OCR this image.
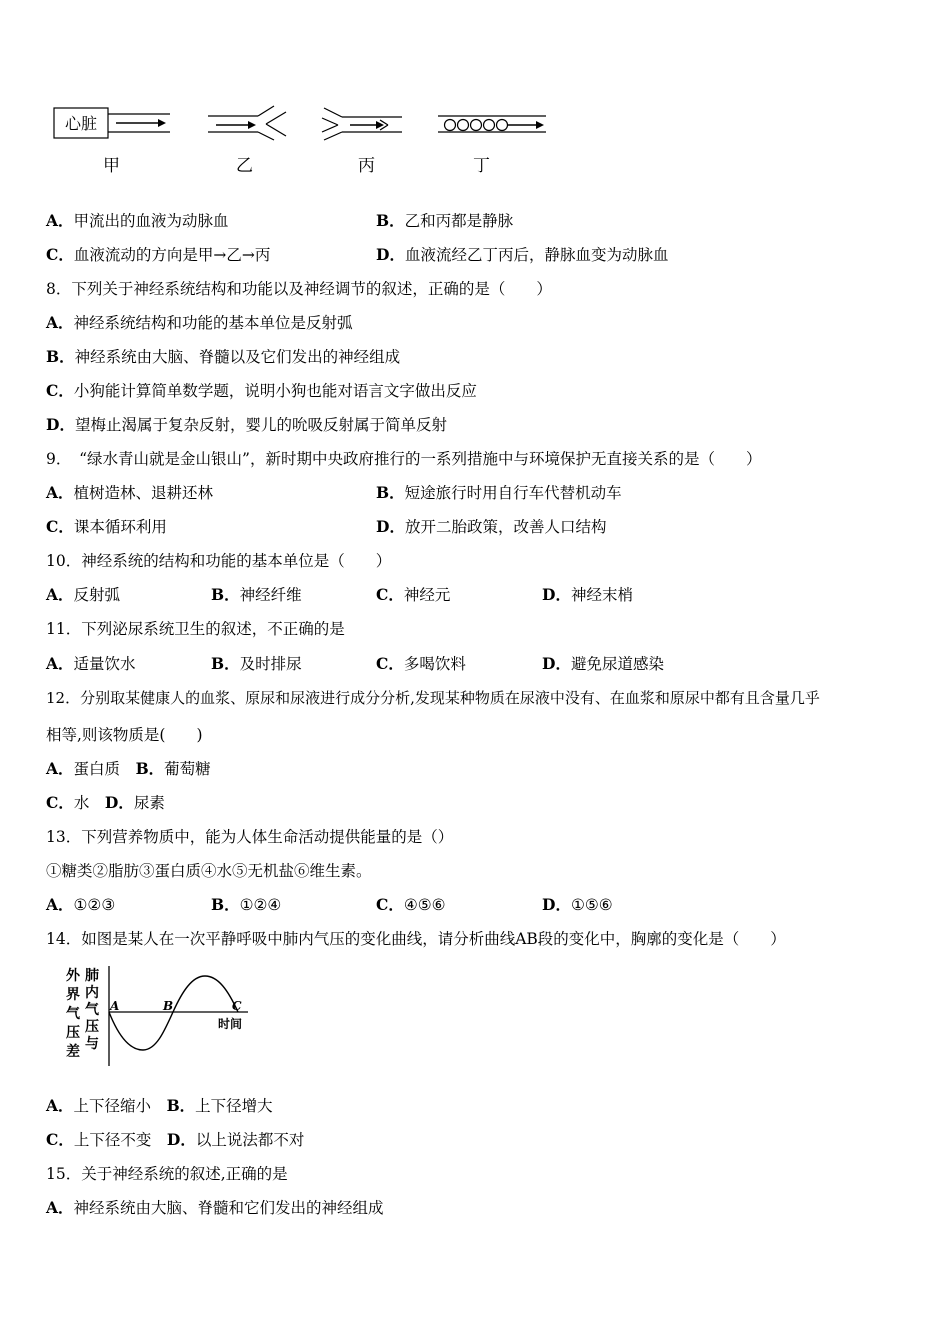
心脏
甲	乙	丙	丁
A．甲流出的血液为动脉血	B．乙和丙都是静脉
C．血液流动的方向是甲→乙→丙	D．血液流经乙丁丙后，静脉血变为动脉血
8．下列关于神经系统结构和功能以及神经调节的叙述，正确的是（　　）
A．神经系统结构和功能的基本单位是反射弧
B．神经系统由大脑、脊髓以及它们发出的神经组成
C．小狗能计算简单数学题，说明小狗也能对语言文字做出反应
D．望梅止渴属于复杂反射，婴儿的吮吸反射属于简单反射
9．　“绿水青山就是金山银山”，新时期中央政府推行的一系列措施中与环境保护无直接关系的是（　　）
A．植树造林、退耕还林	B．短途旅行时用自行车代替机动车
C．课本循环利用	D．放开二胎政策，改善人口结构
10．神经系统的结构和功能的基本单位是（　　）
A．反射弧	B．神经纤维	C．神经元	D．神经末梢
11．下列泌尿系统卫生的叙述，不正确的是
A．适量饮水	B．及时排尿	C．多喝饮料	D．避免尿道感染
12．分别取某健康人的血浆、原尿和尿液进行成分分析,发现某种物质在尿液中没有、在血浆和原尿中都有且含量几乎
相等,则该物质是(　　)
A．蛋白质　 B．葡萄糖
C．水　 D．尿素
13．下列营养物质中，能为人体生命活动提供能量的是（）
①糖类②脂肪③蛋白质④水⑤无机盐⑥维生素。
A．①②③	B．①②④	C．④⑤⑥	D．①⑤⑥
14．如图是某人在一次平静呼吸中肺内气压的变化曲线，请分析曲线AB段的变化中，胸廓的变化是（　　）
外
界
气
压
差
肺
内
气
压
与
A	B	C
时间
A．上下径缩小　 B．上下径增大
C．上下径不变　 D．以上说法都不对
15．关于神经系统的叙述,正确的是
A．神经系统由大脑、脊髓和它们发出的神经组成
